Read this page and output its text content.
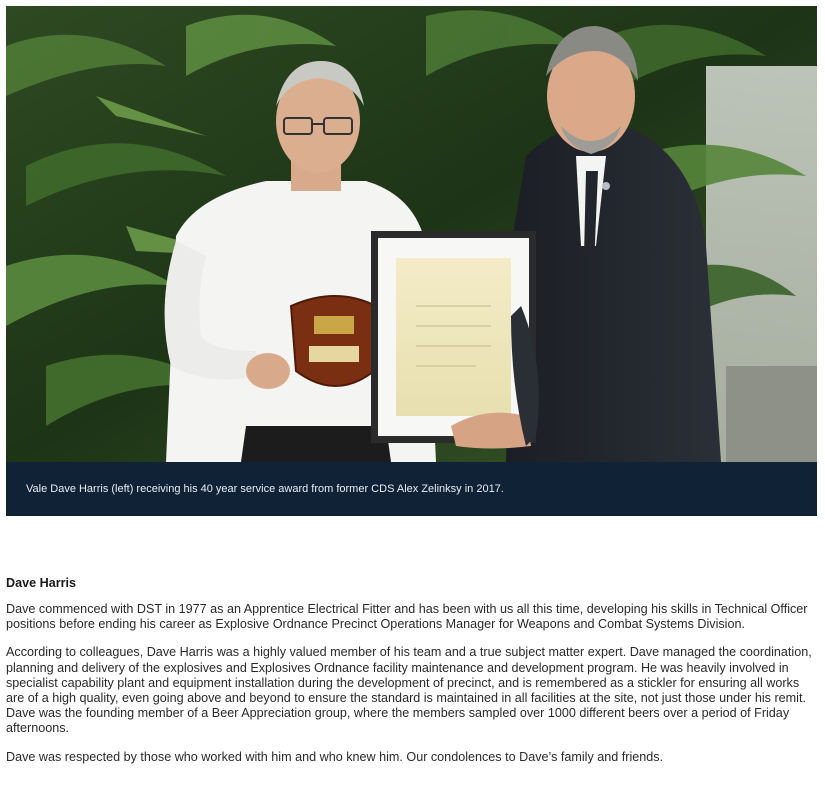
Vale Dave Harris (left) receiving his 40 year service award from former CDS Alex Zelinksy in 2017.
Dave Harris

Dave commenced with DST in 1977 as an Apprentice Electrical Fitter and has been with us all this time, developing his skills in Technical Officer positions before ending his career as Explosive Ordnance Precinct Operations Manager for Weapons and Combat Systems Division.

According to colleagues, Dave Harris was a highly valued member of his team and a true subject matter expert. Dave managed the coordination, planning and delivery of the explosives and Explosives Ordnance facility maintenance and development program. He was heavily involved in specialist capability plant and equipment installation during the development of precinct, and is remembered as a stickler for ensuring all works are of a high quality, even going above and beyond to ensure the standard is maintained in all facilities at the site, not just those under his remit. Dave was the founding member of a Beer Appreciation group, where the members sampled over 1000 different beers over a period of Friday afternoons.

Dave was respected by those who worked with him and who knew him. Our condolences to Dave’s family and friends.
